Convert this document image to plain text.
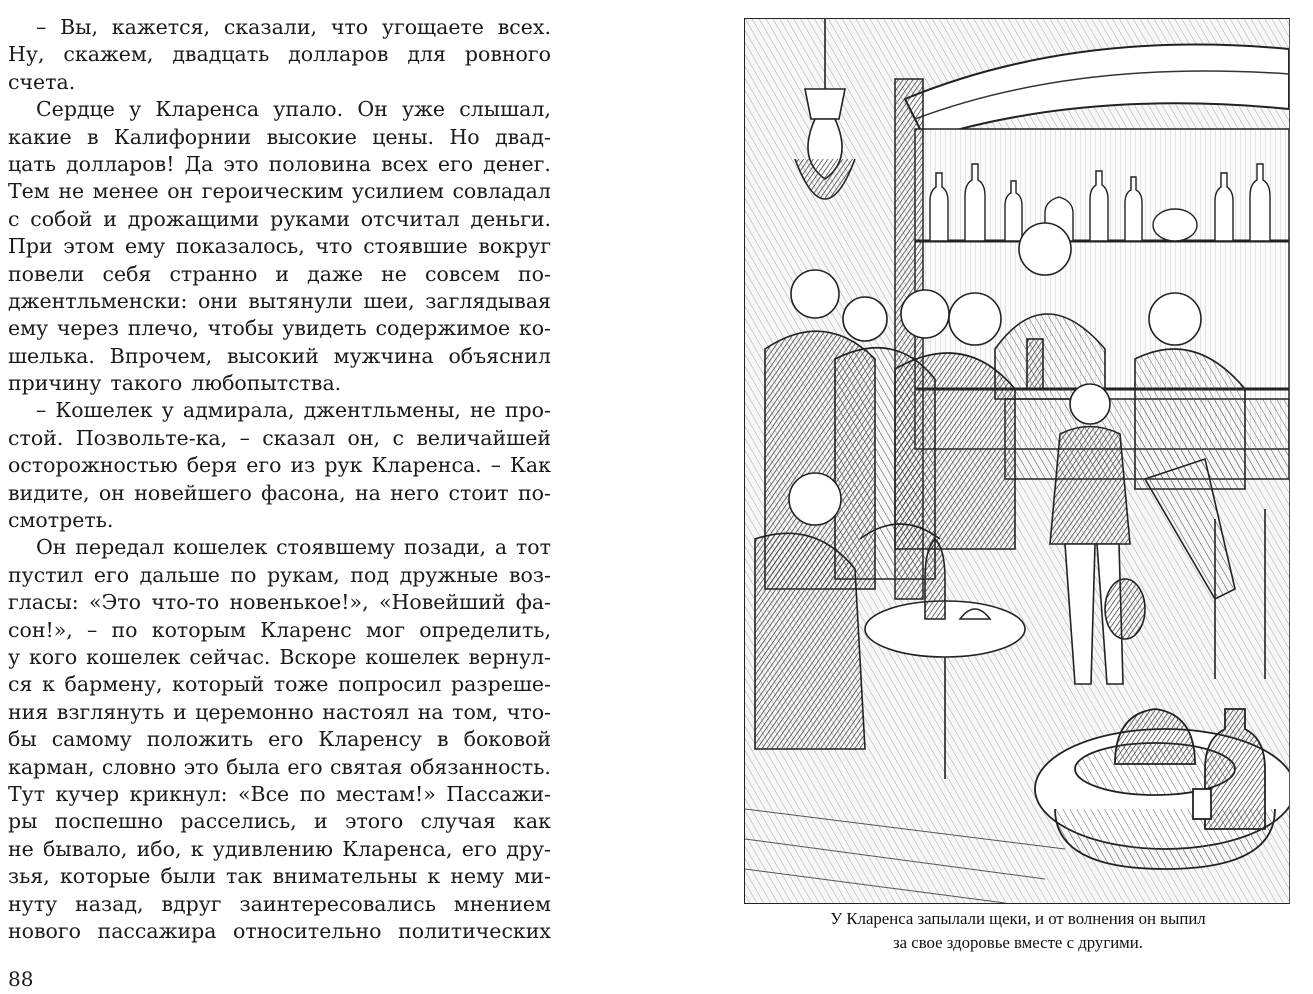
– Вы, кажется, сказали, что угощаете всех.
Ну, скажем, двадцать долларов для ровного
счета.
Сердце у Кларенса упало. Он уже слышал,
какие в Калифорнии высокие цены. Но двад-
цать долларов! Да это половина всех его денег.
Тем не менее он героическим усилием совладал
с собой и дрожащими руками отсчитал деньги.
При этом ему показалось, что стоявшие вокруг
повели себя странно и даже не совсем по-
джентльменски: они вытянули шеи, заглядывая
ему через плечо, чтобы увидеть содержимое ко-
шелька. Впрочем, высокий мужчина объяснил
причину такого любопытства.
– Кошелек у адмирала, джентльмены, не про-
стой. Позвольте-ка, – сказал он, с величайшей
осторожностью беря его из рук Кларенса. – Как
видите, он новейшего фасона, на него стоит по-
смотреть.
Он передал кошелек стоявшему позади, а тот
пустил его дальше по рукам, под дружные воз-
гласы: «Это что-то новенькое!», «Новейший фа-
сон!», – по которым Кларенс мог определить,
у кого кошелек сейчас. Вскоре кошелек вернул-
ся к бармену, который тоже попросил разреше-
ния взглянуть и церемонно настоял на том, что-
бы самому положить его Кларенсу в боковой
карман, словно это была его святая обязанность.
Тут кучер крикнул: «Все по местам!» Пассажи-
ры поспешно расселись, и этого случая как
не бывало, ибо, к удивлению Кларенса, его дру-
зья, которые были так внимательны к нему ми-
нуту назад, вдруг заинтересовались мнением
нового пассажира относительно политических
88
У Кларенса запылали щеки, и от волнения он выпил
за свое здоровье вместе с другими.
